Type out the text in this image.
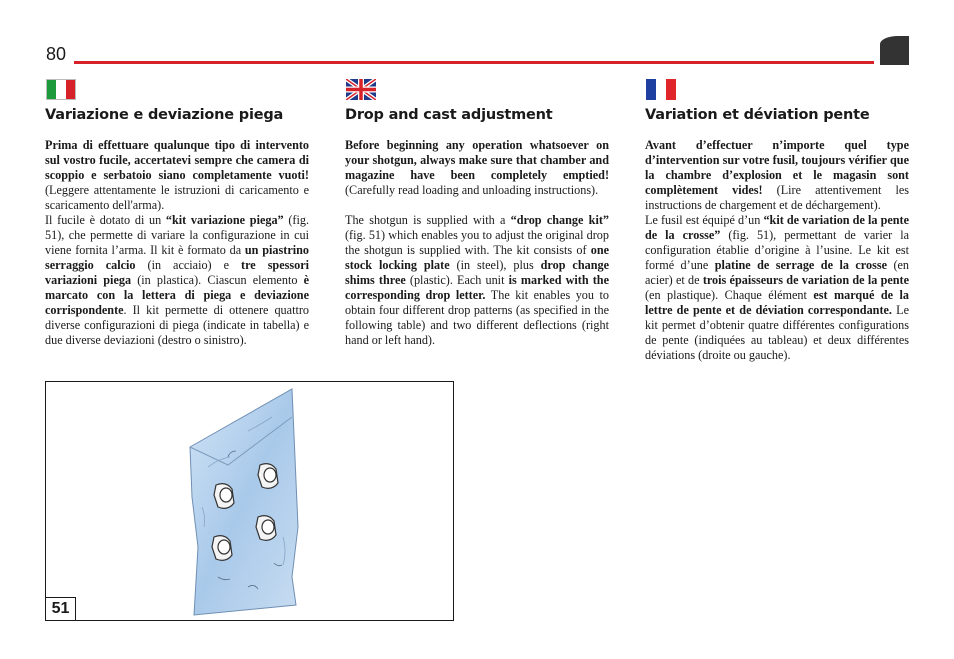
80
Variazione e deviazione piega

Prima di effettuare qualunque tipo di intervento sul vostro fucile, accertatevi sempre che camera di scoppio e serbatoio siano completamente vuoti! (Leggere attentamente le istruzioni di caricamento e scaricamento dell'arma).

Il fucile è dotato di un “kit variazione piega” (fig. 51), che permette di variare la configurazione in cui viene fornita l’arma. Il kit è formato da un piastrino serraggio calcio (in acciaio) e tre spessori variazioni piega (in plastica). Ciascun elemento è marcato con la lettera di piega e deviazione corrispondente. Il kit permette di ottenere quattro diverse configurazioni di piega (indicate in tabella) e due diverse deviazioni (destro o sinistro).

Drop and cast adjustment

Before beginning any operation whatsoever on your shotgun, always make sure that chamber and magazine have been completely emptied! (Carefully read loading and unloading instructions).

The shotgun is supplied with a “drop change kit” (fig. 51) which enables you to adjust the original drop the shotgun is supplied with. The kit consists of one stock locking plate (in steel), plus drop change shims three (plastic). Each unit is marked with the corresponding drop letter. The kit enables you to obtain four different drop patterns (as specified in the following table) and two different deflections (right hand or left hand).

Variation et déviation pente

Avant d’effectuer n’importe quel type d’intervention sur votre fusil, toujours vérifier que la chambre d’explosion et le magasin sont complètement vides! (Lire attentivement les instructions de chargement et de déchargement).

Le fusil est équipé d’un “kit de variation de la pente de la crosse” (fig. 51), permettant de varier la configuration établie d’origine à l’usine. Le kit est formé d’une platine de serrage de la crosse (en acier) et de trois épaisseurs de variation de la pente (en plastique). Chaque élément est marqué de la lettre de pente et de déviation correspondante. Le kit permet d’obtenir quatre différentes configurations de pente (indiquées au tableau) et deux différentes déviations (droite ou gauche).

51
